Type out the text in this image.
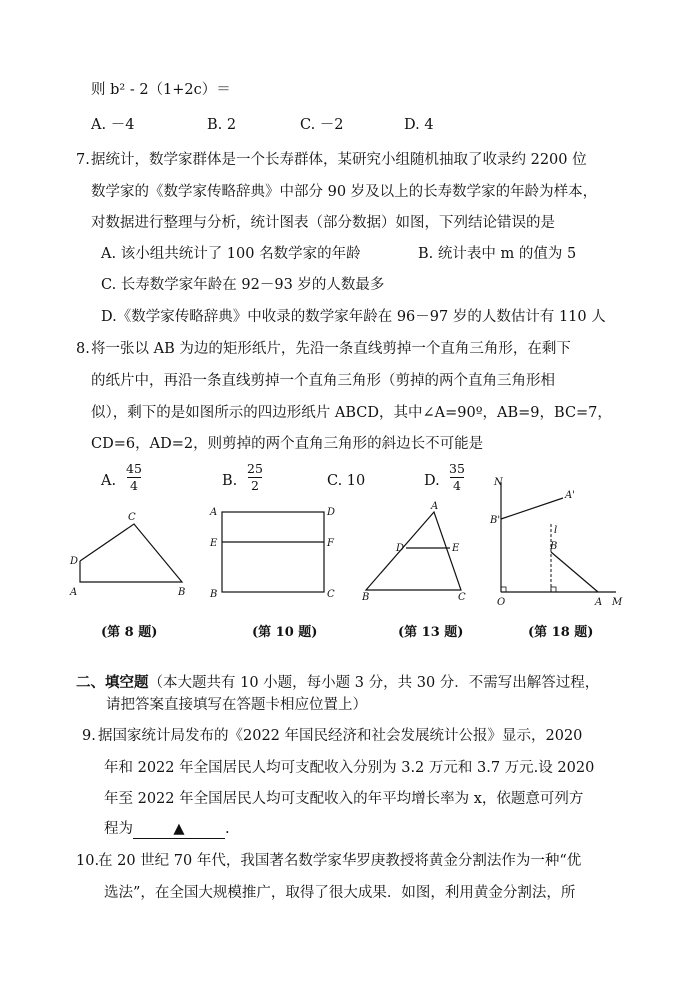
则 b² - 2（1+2c）＝
A. －4	B. 2	C. －2	D. 4
7. 据统计，数学家群体是一个长寿群体，某研究小组随机抽取了收录约 2200 位
数学家的《数学家传略辞典》中部分 90 岁及以上的长寿数学家的年龄为样本，
对数据进行整理与分析，统计图表（部分数据）如图，下列结论错误的是
A. 该小组共统计了 100 名数学家的年龄	B. 统计表中 m 的值为 5
C. 长寿数学家年龄在 92－93 岁的人数最多
D.《数学家传略辞典》中收录的数学家年龄在 96－97 岁的人数估计有 110 人
8. 将一张以 AB 为边的矩形纸片，先沿一条直线剪掉一个直角三角形，在剩下
的纸片中，再沿一条直线剪掉一个直角三角形（剪掉的两个直角三角形相
似），剩下的是如图所示的四边形纸片 ABCD，其中∠A=90º，AB=9，BC=7，
CD=6，AD=2，则剪掉的两个直角三角形的斜边长不可能是
A.
45
4	B.
25
2	C. 10	D.
35
4
C
D
A	B
(第 8 题)
A	D
E	F
B	C
(第 10 题)
A
D	E
B	C
(第 13 题)
N
A'
B'
l
B
O	A M
(第 18 题)
二、填空题（本大题共有 10 小题，每小题 3 分，共 30 分．不需写出解答过程，
请把答案直接填写在答题卡相应位置上）
9. 据国家统计局发布的《2022 年国民经济和社会发展统计公报》显示，2020
年和 2022 年全国居民人均可支配收入分别为 3.2 万元和 3.7 万元.设 2020
年至 2022 年全国居民人均可支配收入的年平均增长率为 x，依题意可列方
程为	▲	.
10.
在 20 世纪 70 年代，我国著名数学家华罗庚教授将黄金分割法作为一种“优
选法”，在全国大规模推广，取得了很大成果．如图，利用黄金分割法，所
